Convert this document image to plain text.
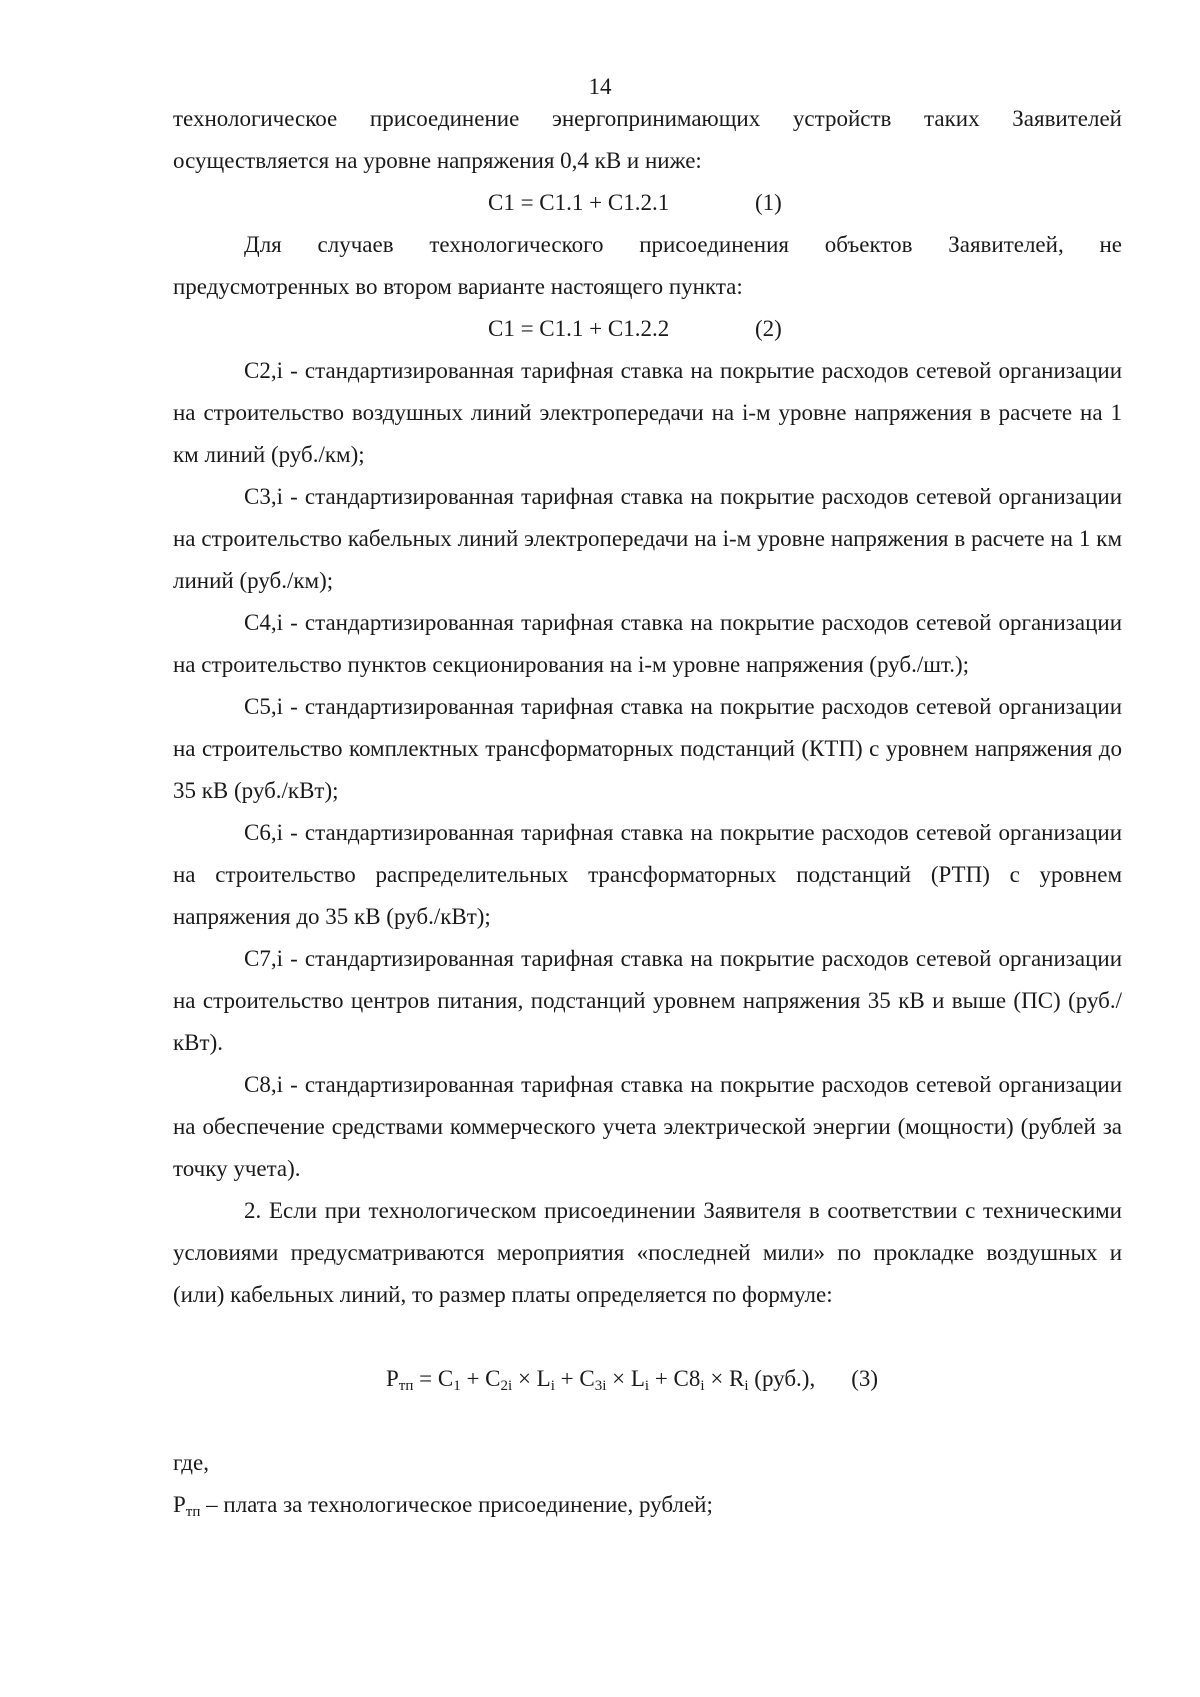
14

технологическое присоединение энергопринимающих устройств таких Заявителей осуществляется на уровне напряжения 0,4 кВ и ниже:

C1 = C1.1 + C1.2.1	(1)

Для случаев технологического присоединения объектов Заявителей, не предусмотренных во втором варианте настоящего пункта:

C1 = C1.1 + C1.2.2	(2)

C2,i - стандартизированная тарифная ставка на покрытие расходов сетевой организации на строительство воздушных линий электропередачи на i-м уровне напряжения в расчете на 1 км линий (руб./км);

C3,i - стандартизированная тарифная ставка на покрытие расходов сетевой организации на строительство кабельных линий электропередачи на i-м уровне напряжения в расчете на 1 км линий (руб./км);

C4,i - стандартизированная тарифная ставка на покрытие расходов сетевой организации на строительство пунктов секционирования на i-м уровне напряжения (руб./шт.);

C5,i - стандартизированная тарифная ставка на покрытие расходов сетевой организации на строительство комплектных трансформаторных подстанций (КТП) с уровнем напряжения до 35 кВ (руб./кВт);

C6,i - стандартизированная тарифная ставка на покрытие расходов сетевой организации на строительство распределительных трансформаторных подстанций (РТП) с уровнем напряжения до 35 кВ (руб./кВт);

C7,i - стандартизированная тарифная ставка на покрытие расходов сетевой организации на строительство центров питания, подстанций уровнем напряжения 35 кВ и выше (ПС) (руб./кВт).

C8,i - стандартизированная тарифная ставка на покрытие расходов сетевой организации на обеспечение средствами коммерческого учета электрической энергии (мощности) (рублей за точку учета).

2. Если при технологическом присоединении Заявителя в соответствии с техническими условиями предусматриваются мероприятия «последней мили» по прокладке воздушных и (или) кабельных линий, то размер платы определяется по формуле:

$P_{тп} = C_1 + C_{2i} \times L_i + C_{3i} \times L_i + C8_i \times R_i$ (руб.), (3)

где,

$P_{тп}$ – плата за технологическое присоединение, рублей;
